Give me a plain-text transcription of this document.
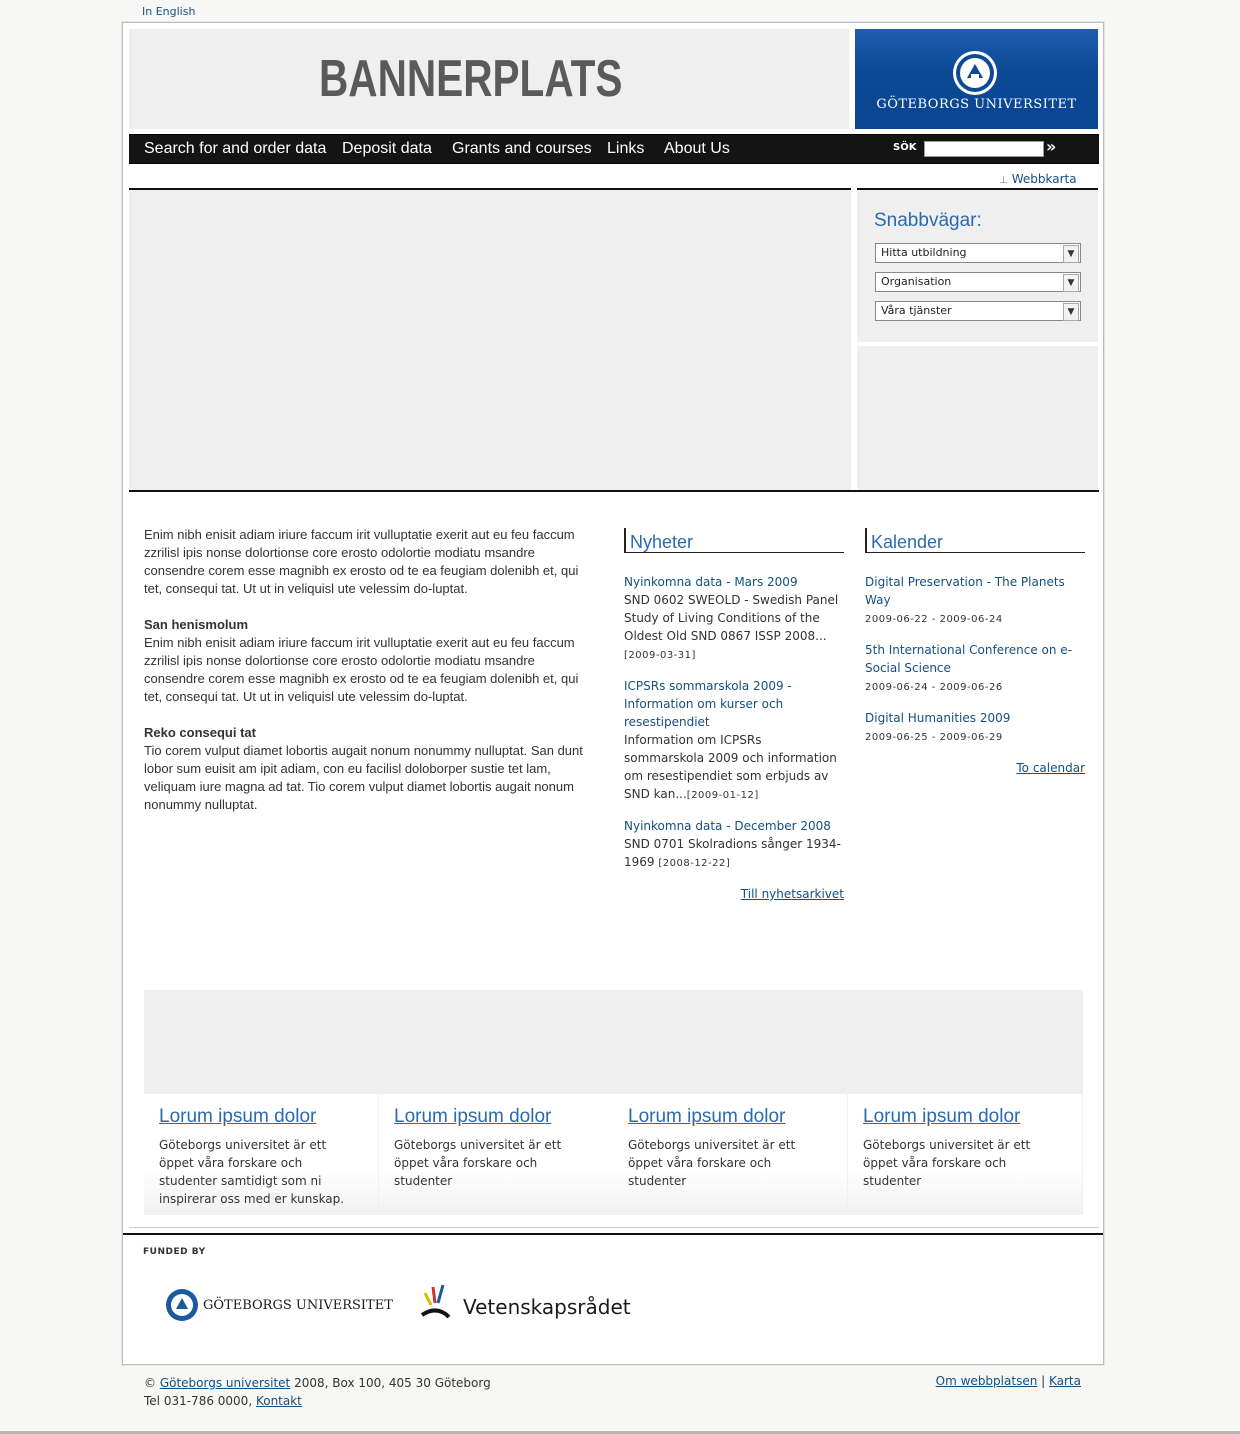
In English
BANNERPLATS	GÖTEBORGS UNIVERSITET
Search for and order data Deposit data Grants and courses Links About Us	SÖK	»
⊥ Webbkarta
Snabbvägar:
Hitta utbildning	▼
Organisation	▼
Våra tjänster	▼

Enim nibh enisit adiam iriure faccum irit vulluptatie exerit aut eu feu faccum zzrilisl ipis nonse dolortionse core erosto odolortie modiatu msandre consendre corem esse magnibh ex erosto od te ea feugiam dolenibh et, qui tet, consequi tat. Ut ut in veliquisl ute velessim do-luptat.

San henismolum

Enim nibh enisit adiam iriure faccum irit vulluptatie exerit aut eu feu faccum zzrilisl ipis nonse dolortionse core erosto odolortie modiatu msandre consendre corem esse magnibh ex erosto od te ea feugiam dolenibh et, qui tet, consequi tat. Ut ut in veliquisl ute velessim do-luptat.

Reko consequi tat

Tio corem vulput diamet lobortis augait nonum nonummy nulluptat. San dunt lobor sum euisit am ipit adiam, con eu facilisl doloborper sustie tet lam, veliquam iure magna ad tat. Tio corem vulput diamet lobortis augait nonum nonummy nulluptat.

Nyheter
Nyinkomna data - Mars 2009
SND 0602 SWEOLD - Swedish Panel Study of Living Conditions of the Oldest Old SND 0867 ISSP 2008...[2009-03-31]
ICPSRs sommarskola 2009 - Information om kurser och resestipendiet
Information om ICPSRs sommarskola 2009 och information om resestipendiet som erbjuds av SND kan...[2009-01-12]
Nyinkomna data - December 2008
SND 0701 Skolradions sånger 1934-1969 [2008-12-22]
Till nyhetsarkivet
Kalender
Digital Preservation - The Planets Way
2009-06-22 - 2009-06-24
5th International Conference on e-Social Science
2009-06-24 - 2009-06-26
Digital Humanities 2009
2009-06-25 - 2009-06-29
To calendar
Lorum ipsum dolor
Göteborgs universitet är ett öppet våra forskare och studenter samtidigt som ni inspirerar oss med er kunskap.
Lorum ipsum dolor
Göteborgs universitet är ett öppet våra forskare och studenter
Lorum ipsum dolor
Göteborgs universitet är ett öppet våra forskare och studenter
Lorum ipsum dolor
Göteborgs universitet är ett öppet våra forskare och studenter
FUNDED BY
GÖTEBORGS UNIVERSITET	Vetenskapsrådet
© Göteborgs universitet 2008, Box 100, 405 30 Göteborg
Tel 031-786 0000, Kontakt
Om webbplatsen | Karta
